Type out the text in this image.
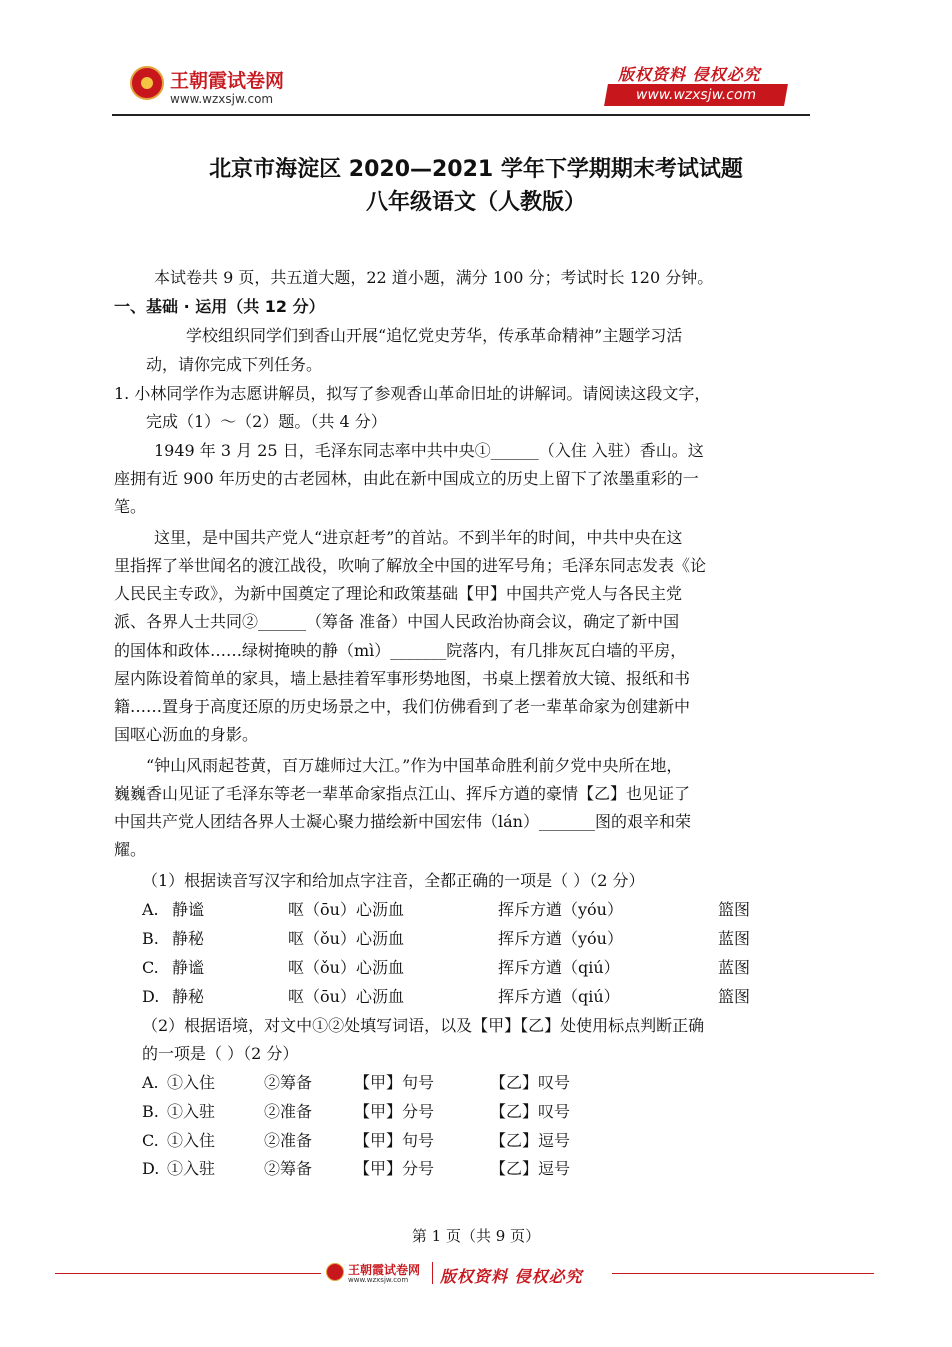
王朝霞试卷网
www.wzxsjw.com
版权资料 侵权必究
www.wzxsjw.com
北京市海淀区 2020—2021 学年下学期期末考试试题
八年级语文（人教版）
本试卷共 9 页，共五道大题，22 道小题，满分 100 分；考试时长 120 分钟。
一、基础 · 运用（共 12 分）
学校组织同学们到香山开展“追忆党史芳华，传承革命精神”主题学习活
动，请你完成下列任务。
1. 小林同学作为志愿讲解员，拟写了参观香山革命旧址的讲解词。请阅读这段文字，
完成（1）～（2）题。（共 4 分）
1949 年 3 月 25 日，毛泽东同志率中共中央①______（入住 入驻）香山。这
座拥有近 900 年历史的古老园林，由此在新中国成立的历史上留下了浓墨重彩的一
笔。
这里，是中国共产党人“进京赶考”的首站。不到半年的时间，中共中央在这
里指挥了举世闻名的渡江战役，吹响了解放全中国的进军号角；毛泽东同志发表《论
人民民主专政》，为新中国奠定了理论和政策基础【甲】中国共产党人与各民主党
派、各界人士共同②______（筹备 准备）中国人民政治协商会议，确定了新中国
的国体和政体……绿树掩映的静（mì）_______院落内，有几排灰瓦白墙的平房，
屋内陈设着简单的家具，墙上悬挂着军事形势地图，书桌上摆着放大镜、报纸和书
籍……置身于高度还原的历史场景之中，我们仿佛看到了老一辈革命家为创建新中
国呕心沥血的身影。
“钟山风雨起苍黄，百万雄师过大江。”作为中国革命胜利前夕党中央所在地，
巍巍香山见证了毛泽东等老一辈革命家指点江山、挥斥方遒的豪情【乙】也见证了
中国共产党人团结各界人士凝心聚力描绘新中国宏伟（lán）_______图的艰辛和荣
耀。
（1）根据读音写汉字和给加点字注音，全都正确的一项是（ ）（2 分）
A. 静谧	呕（ōu）心沥血	挥斥方遒（yóu）	篮图
B. 静秘	呕（ǒu）心沥血	挥斥方遒（yóu）	蓝图
C. 静谧	呕（ǒu）心沥血	挥斥方遒（qiú）	蓝图
D. 静秘	呕（ōu）心沥血	挥斥方遒（qiú）	篮图
（2）根据语境，对文中①②处填写词语，以及【甲】【乙】处使用标点判断正确
的一项是（ ）（2 分）
A. ①入住	②筹备	【甲】句号	【乙】叹号
B. ①入驻	②准备	【甲】分号	【乙】叹号
C. ①入住	②准备	【甲】句号	【乙】逗号
D. ①入驻	②筹备	【甲】分号	【乙】逗号
第 1 页（共 9 页）
王朝霞试卷网
www.wzxsjw.com 版权资料 侵权必究
